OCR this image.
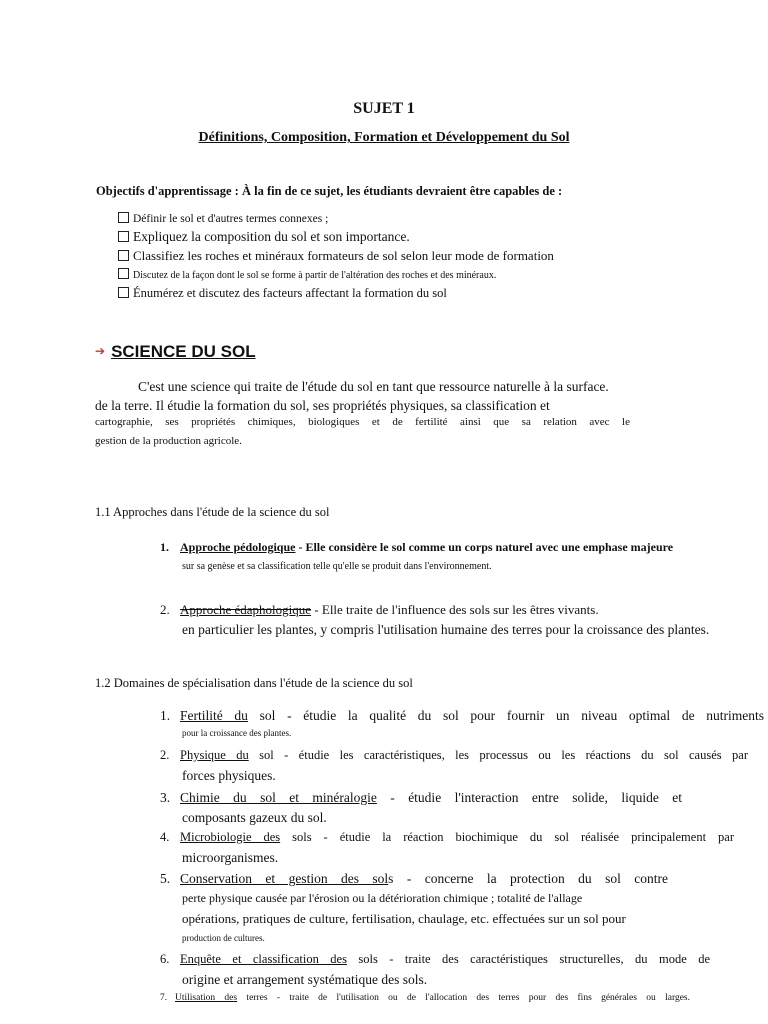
SUJET 1
Définitions, Composition, Formation et Développement du Sol
Objectifs d'apprentissage : À la fin de ce sujet, les étudiants devraient être capables de :
Définir le sol et d'autres termes connexes ;
Expliquez la composition du sol et son importance.
Classifiez les roches et minéraux formateurs de sol selon leur mode de formation
Discutez de la façon dont le sol se forme à partir de l'altération des roches et des minéraux.
Énumérez et discutez des facteurs affectant la formation du sol
➔ SCIENCE DU SOL
C'est une science qui traite de l'étude du sol en tant que ressource naturelle à la surface.
de la terre. Il étudie la formation du sol, ses propriétés physiques, sa classification et
cartographie, ses propriétés chimiques, biologiques et de fertilité ainsi que sa relation avec le
gestion de la production agricole.
1.1 Approches dans l'étude de la science du sol
1. Approche pédologique - Elle considère le sol comme un corps naturel avec une emphase majeure
sur sa genèse et sa classification telle qu'elle se produit dans l'environnement.
2. Approche édaphologique - Elle traite de l'influence des sols sur les êtres vivants.
en particulier les plantes, y compris l'utilisation humaine des terres pour la croissance des plantes.
1.2 Domaines de spécialisation dans l'étude de la science du sol
1. Fertilité du sol - étudie la qualité du sol pour fournir un niveau optimal de nutriments
pour la croissance des plantes.
2. Physique du sol - étudie les caractéristiques, les processus ou les réactions du sol causés par
forces physiques.
3. Chimie du sol et minéralogie - étudie l'interaction entre solide, liquide et
composants gazeux du sol.
4. Microbiologie des sols - étudie la réaction biochimique du sol réalisée principalement par
microorganismes.
5. Conservation et gestion des sols - concerne la protection du sol contre
perte physique causée par l'érosion ou la détérioration chimique ; totalité de l'allage
opérations, pratiques de culture, fertilisation, chaulage, etc. effectuées sur un sol pour
production de cultures.
6. Enquête et classification des sols - traite des caractéristiques structurelles, du mode de
origine et arrangement systématique des sols.
7. Utilisation des terres - traite de l'utilisation ou de l'allocation des terres pour des fins générales ou larges.
